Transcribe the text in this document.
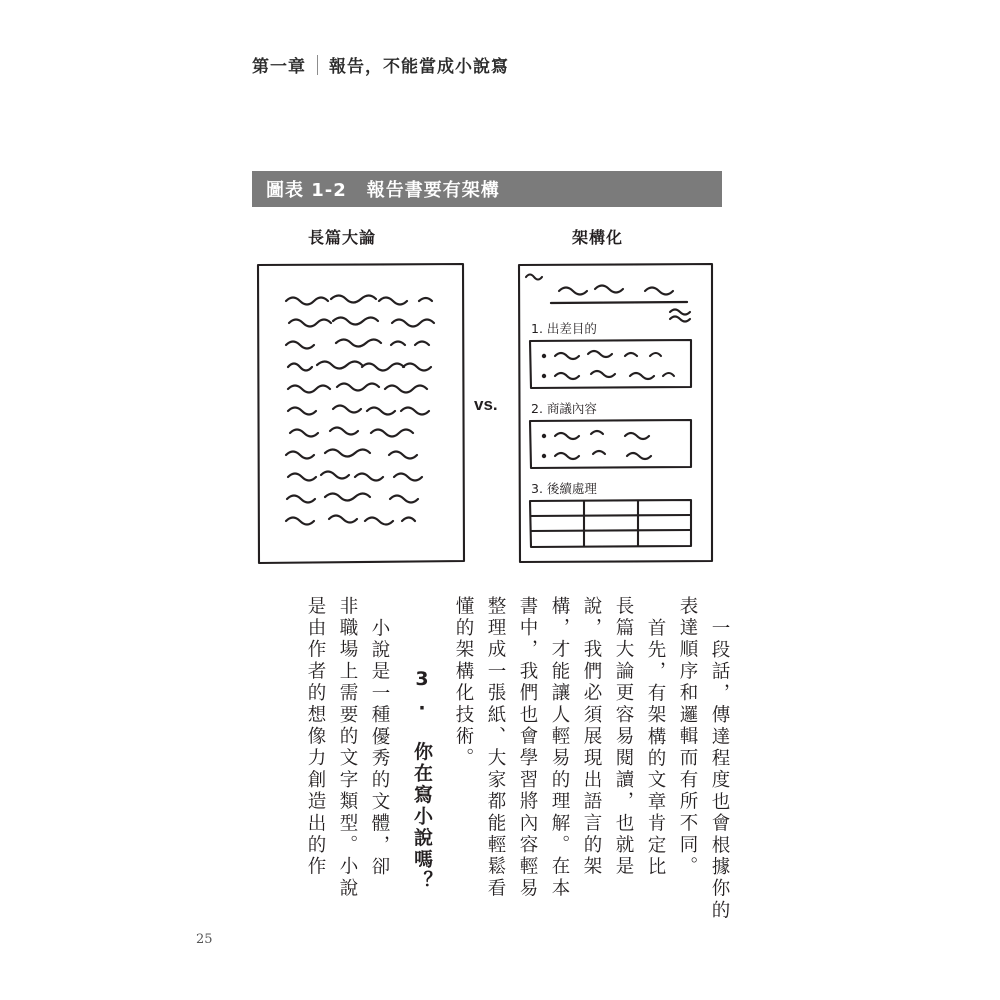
第一章 報告，不能當成小說寫
圖表 1-2 報告書要有架構
長篇大論	架構化
vs.
1. 出差目的
2. 商議內容
3. 後續處理
一段話，傳達程度也會根據你的
表達順序和邏輯而有所不同。
首先，有架構的文章肯定比
長篇大論更容易閱讀，也就是
說，我們必須展現出語言的架
構，才能讓人輕易的理解。在本
書中，我們也會學習將內容輕易
整理成一張紙、大家都能輕鬆看
懂的架構化技術。
3. 你在寫小說嗎？
小說是一種優秀的文體，卻
非職場上需要的文字類型。小說
是由作者的想像力創造出的作
25
